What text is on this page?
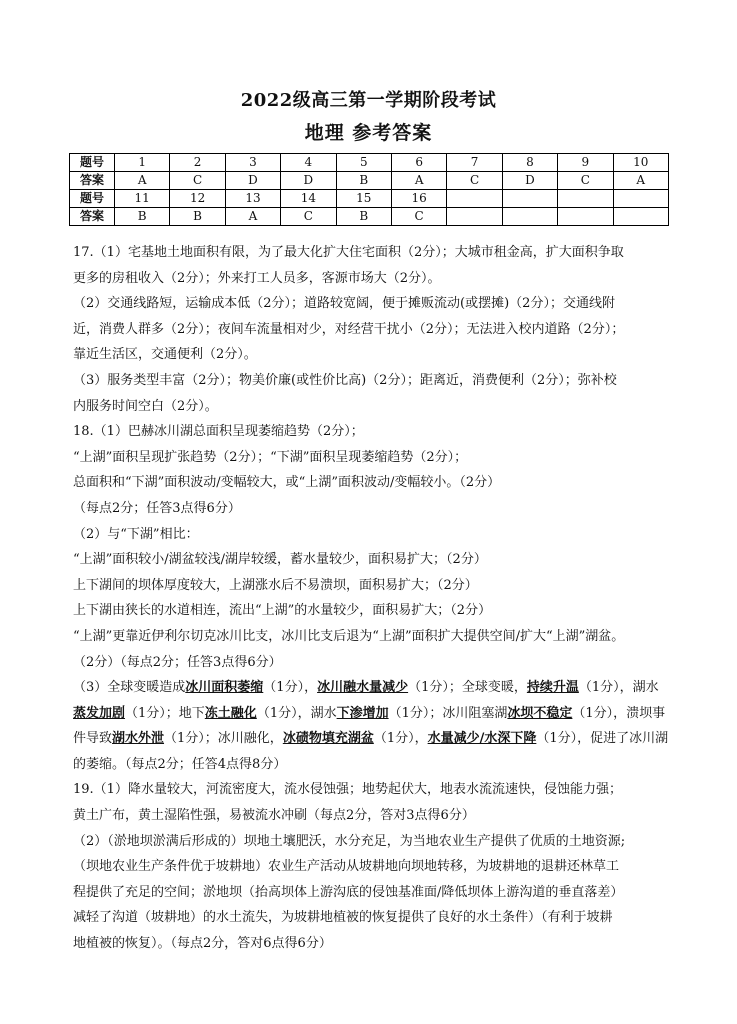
2022级高三第一学期阶段考试
地理 参考答案
题号	1	2	3	4	5	6	7	8	9	10
答案	A	C	D	D	B	A	C	D	C	A
题号	11	12	13	14	15	16				
答案	B	B	A	C	B	C				

17.（1）宅基地土地面积有限，为了最大化扩大住宅面积（2分）；大城市租金高，扩大面积争取

更多的房租收入（2分）；外来打工人员多，客源市场大（2分）。

（2）交通线路短，运输成本低（2分）；道路较宽阔，便于摊贩流动(或摆摊)（2分）；交通线附

近，消费人群多（2分）；夜间车流量相对少，对经营干扰小（2分）；无法进入校内道路（2分）；

靠近生活区，交通便利（2分）。

（3）服务类型丰富（2分）；物美价廉(或性价比高)（2分）；距离近，消费便利（2分）；弥补校

内服务时间空白（2分）。

18.（1）巴赫冰川湖总面积呈现萎缩趋势（2分）；

“上湖”面积呈现扩张趋势（2分）；“下湖”面积呈现萎缩趋势（2分）；

总面积和“下湖”面积波动/变幅较大，或“上湖”面积波动/变幅较小。（2分）

（每点2分；任答3点得6分）

（2）与“下湖”相比：

“上湖”面积较小/湖盆较浅/湖岸较缓，蓄水量较少，面积易扩大；（2分）

上下湖间的坝体厚度较大，上湖涨水后不易溃坝，面积易扩大；（2分）

上下湖由狭长的水道相连，流出“上湖”的水量较少，面积易扩大；（2分）

“上湖”更靠近伊利尔切克冰川比支，冰川比支后退为“上湖”面积扩大提供空间/扩大“上湖”湖盆。

（2分）（每点2分；任答3点得6分）

（3）全球变暖造成冰川面积萎缩（1分），冰川融水量减少（1分）；全球变暖，持续升温（1分），湖水蒸发加剧（1分）；地下冻土融化（1分），湖水下渗增加（1分）；冰川阻塞湖冰坝不稳定（1分），溃坝事件导致湖水外泄（1分）；冰川融化，冰碛物填充湖盆（1分），水量减少/水深下降（1分），促进了冰川湖的萎缩。（每点2分；任答4点得8分）

19.（1）降水量较大，河流密度大，流水侵蚀强；地势起伏大，地表水流流速快，侵蚀能力强；

黄土广布，黄土湿陷性强，易被流水冲刷（每点2分，答对3点得6分）

（2）（淤地坝淤满后形成的）坝地土壤肥沃，水分充足，为当地农业生产提供了优质的土地资源;

（坝地农业生产条件优于坡耕地）农业生产活动从坡耕地向坝地转移，为坡耕地的退耕还林草工

程提供了充足的空间；淤地坝（抬高坝体上游沟底的侵蚀基准面/降低坝体上游沟道的垂直落差）

减轻了沟道（坡耕地）的水土流失，为坡耕地植被的恢复提供了良好的水土条件）（有利于坡耕

地植被的恢复）。（每点2分，答对6点得6分）
